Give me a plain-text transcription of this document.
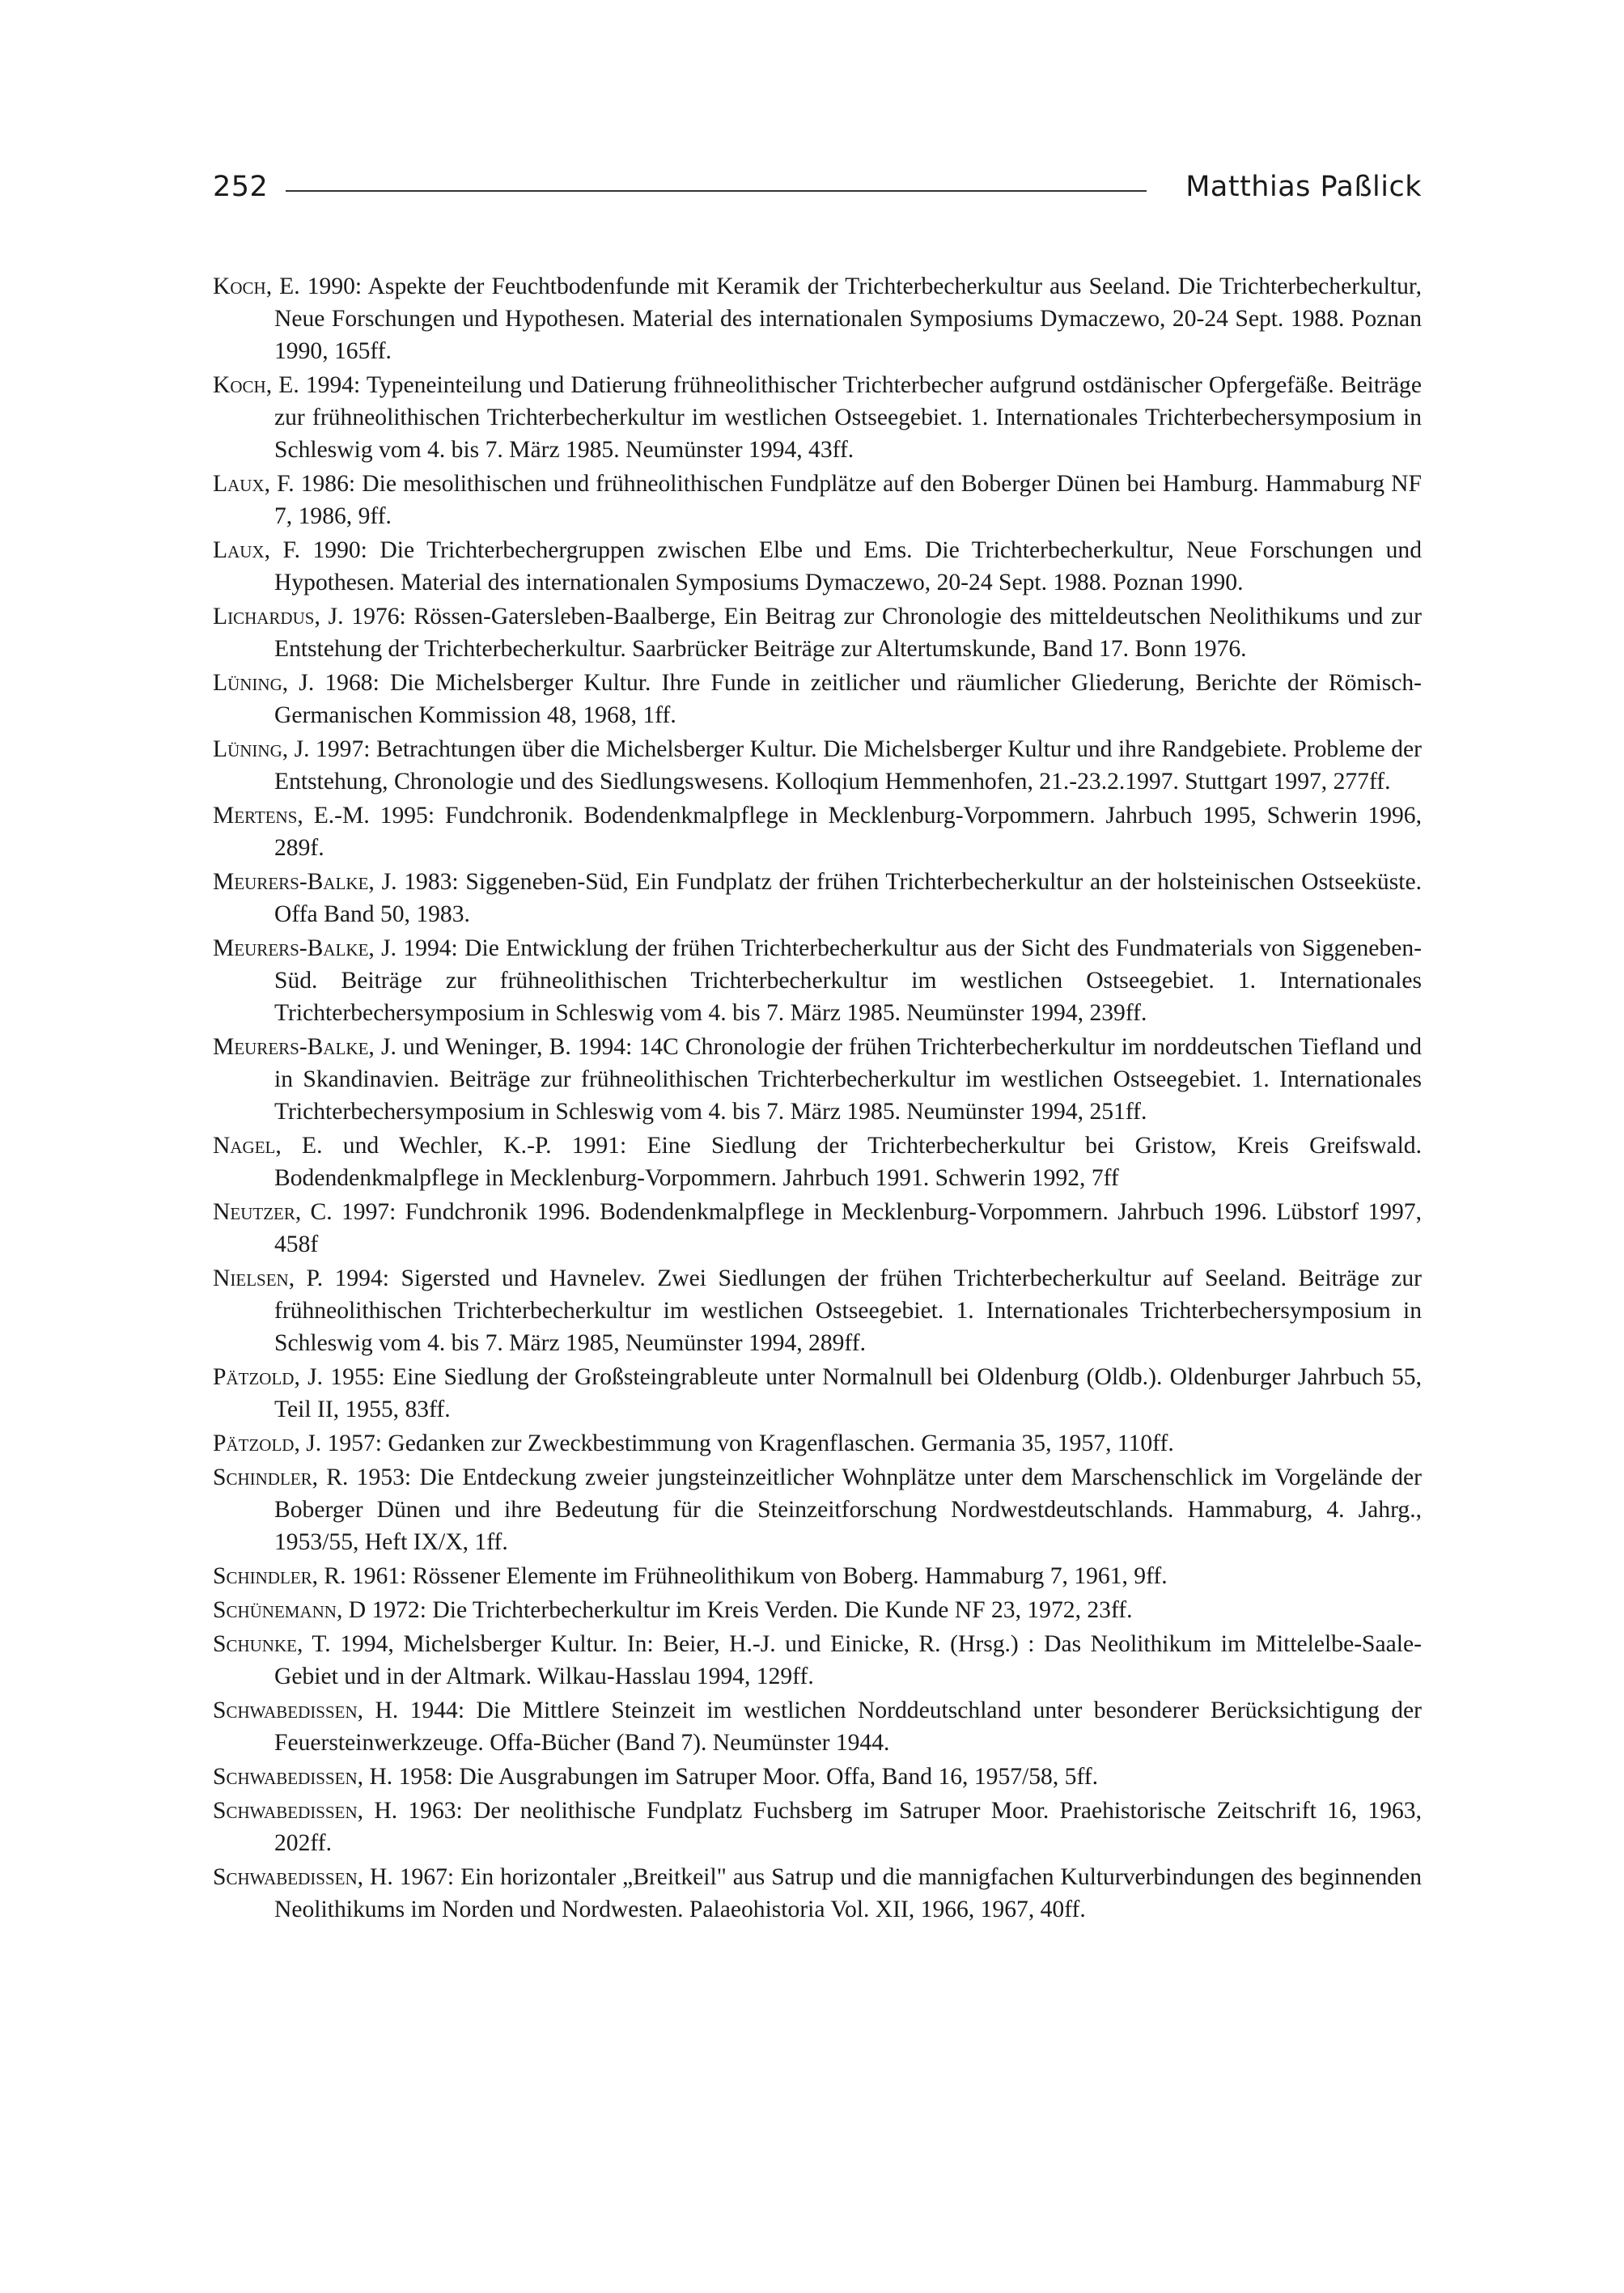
252	Matthias Paßlick
Koch, E. 1990: Aspekte der Feuchtbodenfunde mit Keramik der Trichterbecherkultur aus Seeland. Die Trichterbecherkultur, Neue Forschungen und Hypothesen. Material des internationalen Symposiums Dymaczewo, 20-24 Sept. 1988. Poznan 1990, 165ff.
Koch, E. 1994: Typeneinteilung und Datierung frühneolithischer Trichterbecher aufgrund ostdänischer Opfergefäße. Beiträge zur frühneolithischen Trichterbecherkultur im westlichen Ostseegebiet. 1. Internationales Trichterbechersymposium in Schleswig vom 4. bis 7. März 1985. Neumünster 1994, 43ff.
Laux, F. 1986: Die mesolithischen und frühneolithischen Fundplätze auf den Boberger Dünen bei Hamburg. Hammaburg NF 7, 1986, 9ff.
Laux, F. 1990: Die Trichterbechergruppen zwischen Elbe und Ems. Die Trichterbecherkultur, Neue Forschungen und Hypothesen. Material des internationalen Symposiums Dymaczewo, 20-24 Sept. 1988. Poznan 1990.
Lichardus, J. 1976: Rössen-Gatersleben-Baalberge, Ein Beitrag zur Chronologie des mitteldeutschen Neolithikums und zur Entstehung der Trichterbecherkultur. Saarbrücker Beiträge zur Altertumskunde, Band 17. Bonn 1976.
Lüning, J. 1968: Die Michelsberger Kultur. Ihre Funde in zeitlicher und räumlicher Gliederung, Berichte der Römisch-Germanischen Kommission 48, 1968, 1ff.
Lüning, J. 1997: Betrachtungen über die Michelsberger Kultur. Die Michelsberger Kultur und ihre Randgebiete. Probleme der Entstehung, Chronologie und des Siedlungswesens. Kolloqium Hemmenhofen, 21.-23.2.1997. Stuttgart 1997, 277ff.
Mertens, E.-M. 1995: Fundchronik. Bodendenkmalpflege in Mecklenburg-Vorpommern. Jahrbuch 1995, Schwerin 1996, 289f.
Meurers-Balke, J. 1983: Siggeneben-Süd, Ein Fundplatz der frühen Trichterbecherkultur an der holsteinischen Ostseeküste. Offa Band 50, 1983.
Meurers-Balke, J. 1994: Die Entwicklung der frühen Trichterbecherkultur aus der Sicht des Fundmaterials von Siggeneben-Süd. Beiträge zur frühneolithischen Trichterbecherkultur im westlichen Ostseegebiet. 1. Internationales Trichterbechersymposium in Schleswig vom 4. bis 7. März 1985. Neumünster 1994, 239ff.
Meurers-Balke, J. und Weninger, B. 1994: 14C Chronologie der frühen Trichterbecherkultur im norddeutschen Tiefland und in Skandinavien. Beiträge zur frühneolithischen Trichterbecherkultur im westlichen Ostseegebiet. 1. Internationales Trichterbechersymposium in Schleswig vom 4. bis 7. März 1985. Neumünster 1994, 251ff.
Nagel, E. und Wechler, K.-P. 1991: Eine Siedlung der Trichterbecherkultur bei Gristow, Kreis Greifswald. Bodendenkmalpflege in Mecklenburg-Vorpommern. Jahrbuch 1991. Schwerin 1992, 7ff
Neutzer, C. 1997: Fundchronik 1996. Bodendenkmalpflege in Mecklenburg-Vorpommern. Jahrbuch 1996. Lübstorf 1997, 458f
Nielsen, P. 1994: Sigersted und Havnelev. Zwei Siedlungen der frühen Trichterbecherkultur auf Seeland. Beiträge zur frühneolithischen Trichterbecherkultur im westlichen Ostseegebiet. 1. Internationales Trichterbechersymposium in Schleswig vom 4. bis 7. März 1985, Neumünster 1994, 289ff.
Pätzold, J. 1955: Eine Siedlung der Großsteingrableute unter Normalnull bei Oldenburg (Oldb.). Oldenburger Jahrbuch 55, Teil II, 1955, 83ff.
Pätzold, J. 1957: Gedanken zur Zweckbestimmung von Kragenflaschen. Germania 35, 1957, 110ff.
Schindler, R. 1953: Die Entdeckung zweier jungsteinzeitlicher Wohnplätze unter dem Marschenschlick im Vorgelände der Boberger Dünen und ihre Bedeutung für die Steinzeitforschung Nordwestdeutschlands. Hammaburg, 4. Jahrg., 1953/55, Heft IX/X, 1ff.
Schindler, R. 1961: Rössener Elemente im Frühneolithikum von Boberg. Hammaburg 7, 1961, 9ff.
Schünemann, D 1972: Die Trichterbecherkultur im Kreis Verden. Die Kunde NF 23, 1972, 23ff.
Schunke, T. 1994, Michelsberger Kultur. In: Beier, H.-J. und Einicke, R. (Hrsg.) : Das Neolithikum im Mittelelbe-Saale-Gebiet und in der Altmark. Wilkau-Hasslau 1994, 129ff.
Schwabedissen, H. 1944: Die Mittlere Steinzeit im westlichen Norddeutschland unter besonderer Berücksichtigung der Feuersteinwerkzeuge. Offa-Bücher (Band 7). Neumünster 1944.
Schwabedissen, H. 1958: Die Ausgrabungen im Satruper Moor. Offa, Band 16, 1957/58, 5ff.
Schwabedissen, H. 1963: Der neolithische Fundplatz Fuchsberg im Satruper Moor. Praehistorische Zeitschrift 16, 1963, 202ff.
Schwabedissen, H. 1967: Ein horizontaler „Breitkeil" aus Satrup und die mannigfachen Kulturverbindungen des beginnenden Neolithikums im Norden und Nordwesten. Palaeohistoria Vol. XII, 1966, 1967, 40ff.
